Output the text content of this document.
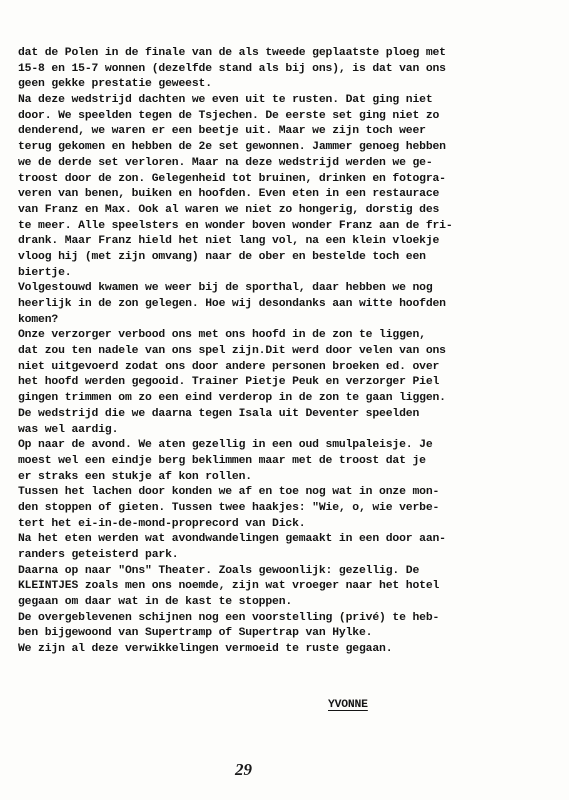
dat de Polen in de finale van de als tweede geplaatste ploeg met
15-8 en 15-7 wonnen (dezelfde stand als bij ons), is dat van ons
geen gekke prestatie geweest.
Na deze wedstrijd dachten we even uit te rusten. Dat ging niet
door. We speelden tegen de Tsjechen. De eerste set ging niet zo
denderend, we waren er een beetje uit. Maar we zijn toch weer
terug gekomen en hebben de 2e set gewonnen. Jammer genoeg hebben
we de derde set verloren. Maar na deze wedstrijd werden we ge-
troost door de zon. Gelegenheid tot bruinen, drinken en fotogra-
veren van benen, buiken en hoofden. Even eten in een restaurace
van Franz en Max. Ook al waren we niet zo hongerig, dorstig des
te meer. Alle speelsters en wonder boven wonder Franz aan de fri-
drank. Maar Franz hield het niet lang vol, na een klein vloekje
vloog hij (met zijn omvang) naar de ober en bestelde toch een
biertje.
Volgestouwd kwamen we weer bij de sporthal, daar hebben we nog
heerlijk in de zon gelegen. Hoe wij desondanks aan witte hoofden
komen?
Onze verzorger verbood ons met ons hoofd in de zon te liggen,
dat zou ten nadele van ons spel zijn.Dit werd door velen van ons
niet uitgevoerd zodat ons door andere personen broeken ed. over
het hoofd werden gegooid. Trainer Pietje Peuk en verzorger Piel
gingen trimmen om zo een eind verderop in de zon te gaan liggen.
De wedstrijd die we daarna tegen Isala uit Deventer speelden
was wel aardig.
Op naar de avond. We aten gezellig in een oud smulpaleisje. Je
moest wel een eindje berg beklimmen maar met de troost dat je
er straks een stukje af kon rollen.
Tussen het lachen door konden we af en toe nog wat in onze mon-
den stoppen of gieten. Tussen twee haakjes: "Wie, o, wie verbe-
tert het ei-in-de-mond-proprecord van Dick.
Na het eten werden wat avondwandelingen gemaakt in een door aan-
randers geteisterd park.
Daarna op naar "Ons" Theater. Zoals gewoonlijk: gezellig. De
KLEINTJES zoals men ons noemde, zijn wat vroeger naar het hotel
gegaan om daar wat in de kast te stoppen.
De overgeblevenen schijnen nog een voorstelling (privé) te heb-
ben bijgewoond van Supertramp of Supertrap van Hylke.
We zijn al deze verwikkelingen vermoeid te ruste gegaan.
YVONNE
29
